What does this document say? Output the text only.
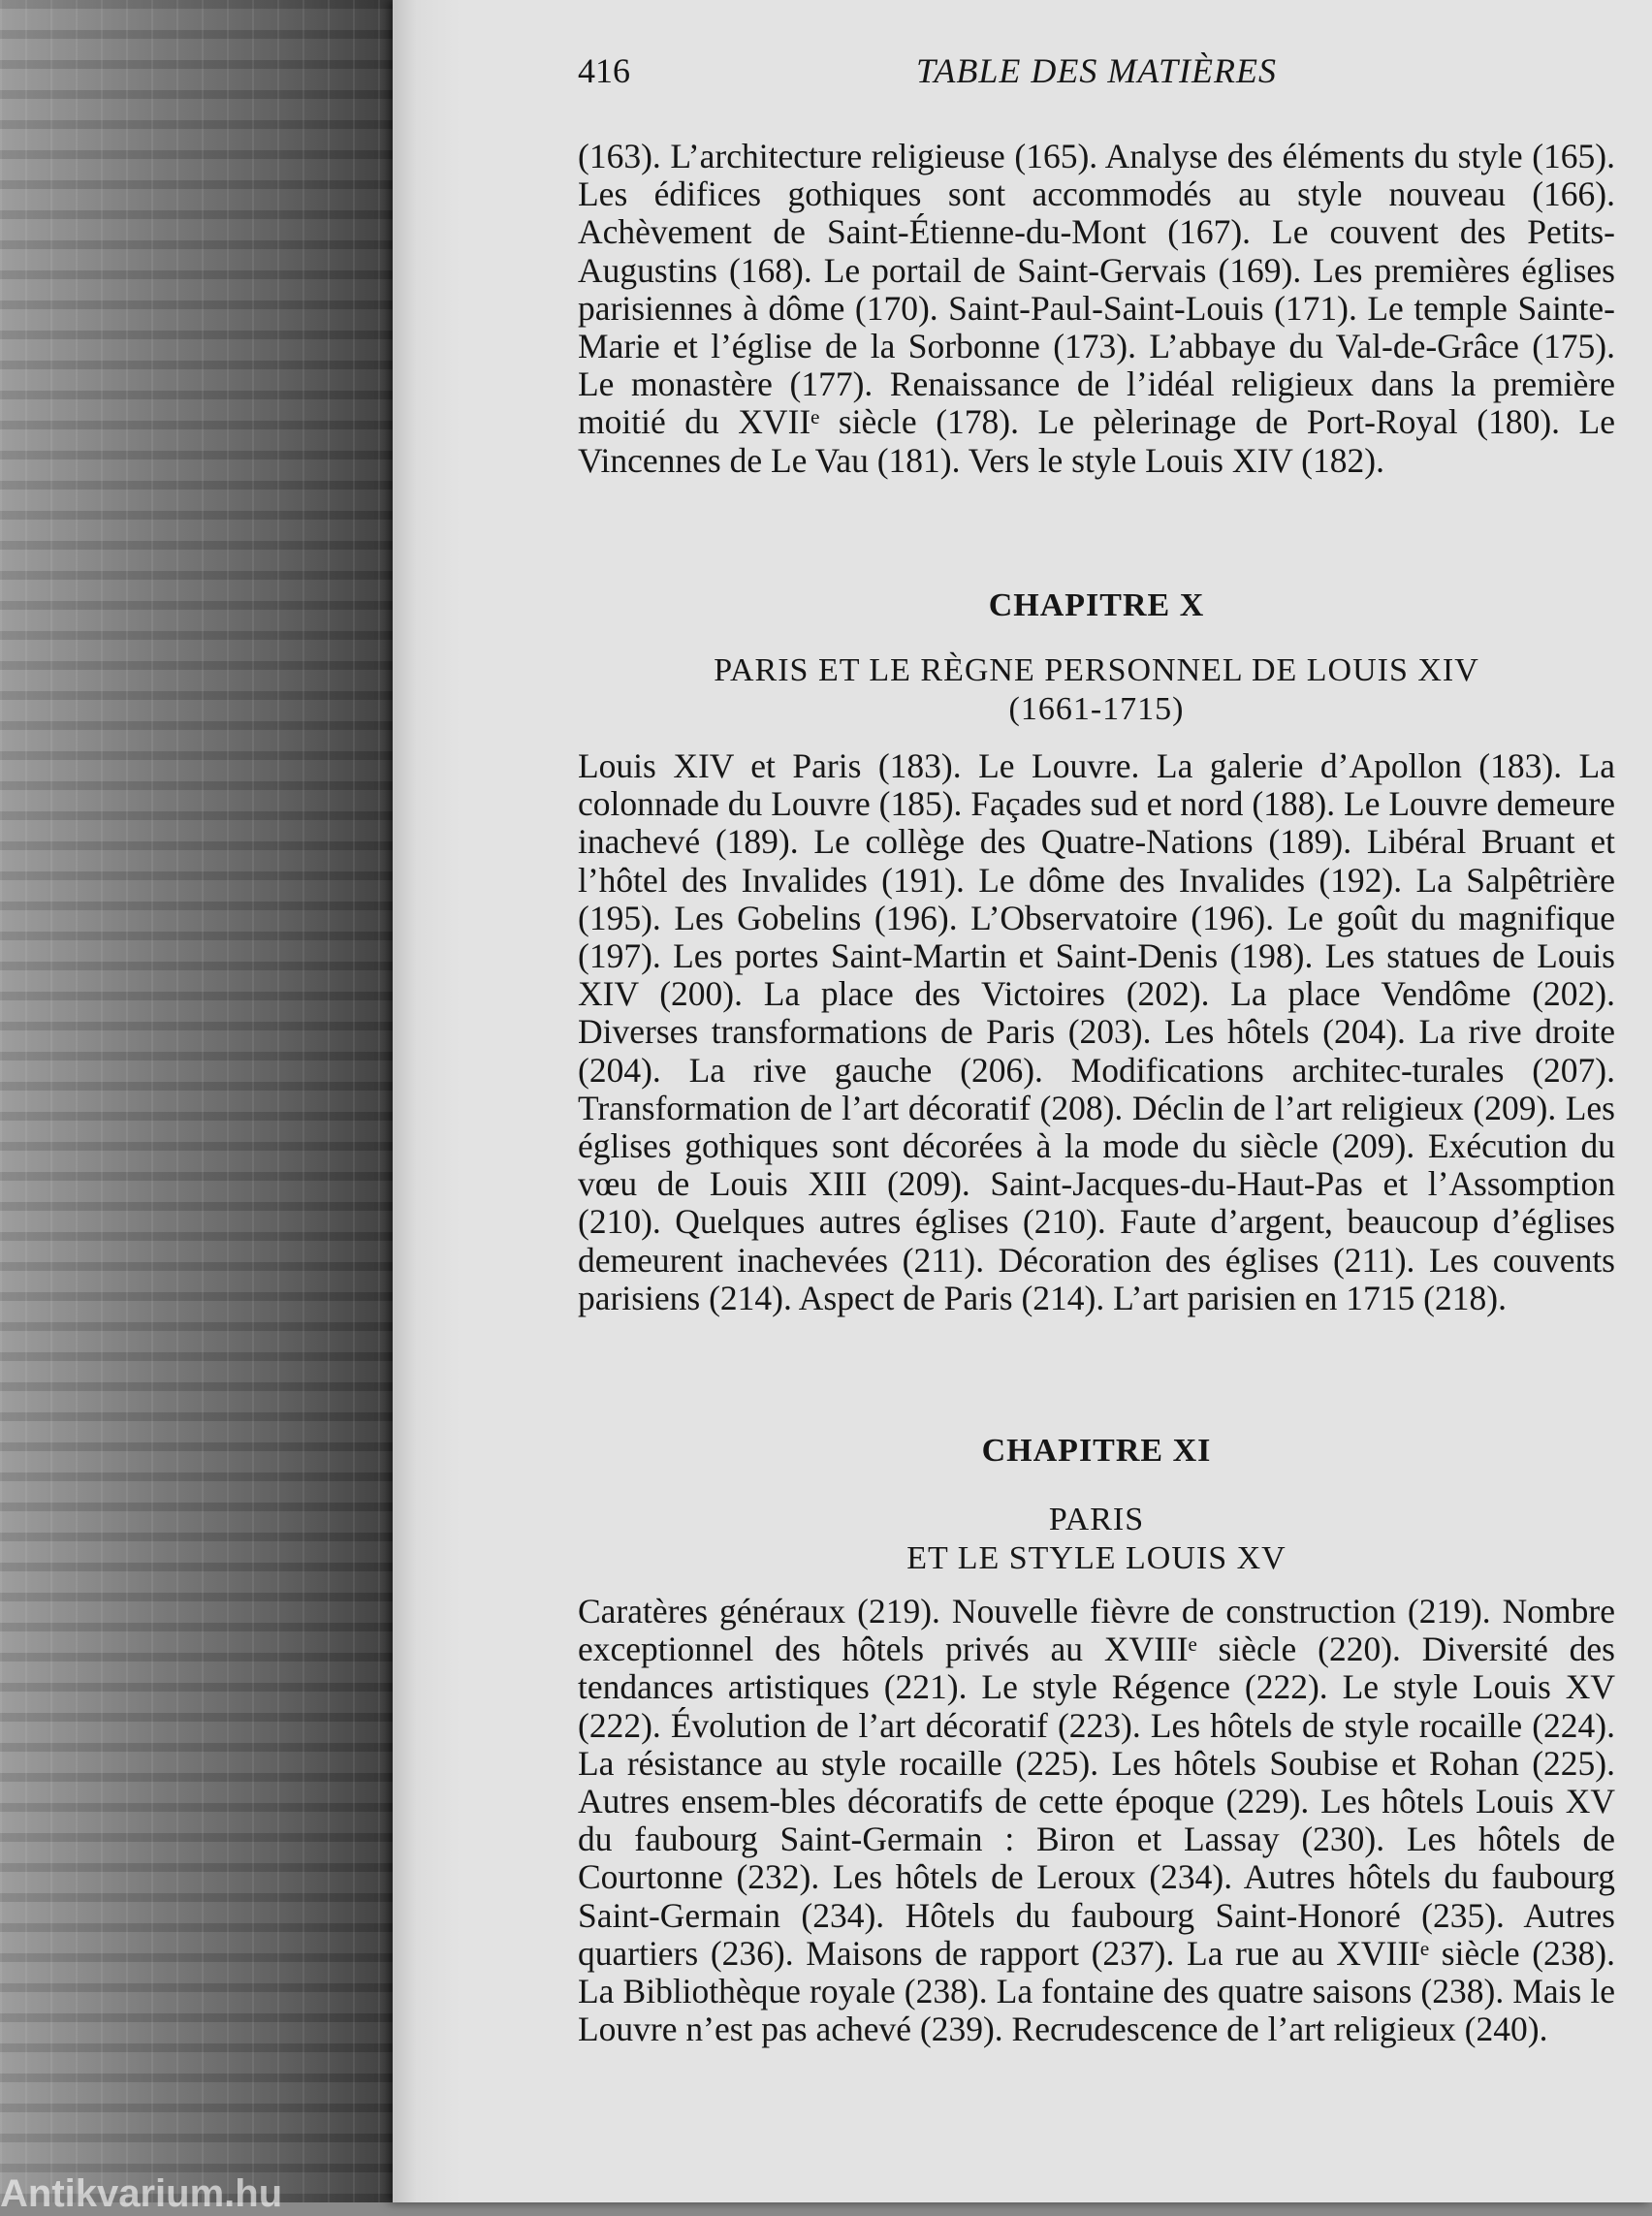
Antikvarium.hu
416	TABLE DES MATIÈRES
(163). L’architecture religieuse (165). Analyse des éléments du style (165). Les édifices gothiques sont accommodés au style nouveau (166). Achèvement de Saint-Étienne-du-Mont (167). Le couvent des Petits-Augustins (168). Le portail de Saint-Gervais (169). Les premières églises parisiennes à dôme (170). Saint-Paul-Saint-Louis (171). Le temple Sainte-Marie et l’église de la Sorbonne (173). L’abbaye du Val-de-Grâce (175). Le monastère (177). Renaissance de l’idéal religieux dans la première moitié du XVIIᵉ siècle (178). Le pèlerinage de Port-Royal (180). Le Vincennes de Le Vau (181). Vers le style Louis XIV (182).
CHAPITRE X
PARIS ET LE RÈGNE PERSONNEL DE LOUIS XIV
(1661-1715)
Louis XIV et Paris (183). Le Louvre. La galerie d’Apollon (183). La colonnade du Louvre (185). Façades sud et nord (188). Le Louvre demeure inachevé (189). Le collège des Quatre-Nations (189). Libéral Bruant et l’hôtel des Invalides (191). Le dôme des Invalides (192). La Salpêtrière (195). Les Gobelins (196). L’Observatoire (196). Le goût du magnifique (197). Les portes Saint-Martin et Saint-Denis (198). Les statues de Louis XIV (200). La place des Victoires (202). La place Vendôme (202). Diverses transformations de Paris (203). Les hôtels (204). La rive droite (204). La rive gauche (206). Modifications architec-turales (207). Transformation de l’art décoratif (208). Déclin de l’art religieux (209). Les églises gothiques sont décorées à la mode du siècle (209). Exécution du vœu de Louis XIII (209). Saint-Jacques-du-Haut-Pas et l’Assomption (210). Quelques autres églises (210). Faute d’argent, beaucoup d’églises demeurent inachevées (211). Décoration des églises (211). Les couvents parisiens (214). Aspect de Paris (214). L’art parisien en 1715 (218).
CHAPITRE XI
PARIS
ET LE STYLE LOUIS XV
Caratères généraux (219). Nouvelle fièvre de construction (219). Nombre exceptionnel des hôtels privés au XVIIIᵉ siècle (220). Diversité des tendances artistiques (221). Le style Régence (222). Le style Louis XV (222). Évolution de l’art décoratif (223). Les hôtels de style rocaille (224). La résistance au style rocaille (225). Les hôtels Soubise et Rohan (225). Autres ensem-bles décoratifs de cette époque (229). Les hôtels Louis XV du faubourg Saint-Germain : Biron et Lassay (230). Les hôtels de Courtonne (232). Les hôtels de Leroux (234). Autres hôtels du faubourg Saint-Germain (234). Hôtels du faubourg Saint-Honoré (235). Autres quartiers (236). Maisons de rapport (237). La rue au XVIIIᵉ siècle (238). La Bibliothèque royale (238). La fontaine des quatre saisons (238). Mais le Louvre n’est pas achevé (239). Recrudescence de l’art religieux (240).
